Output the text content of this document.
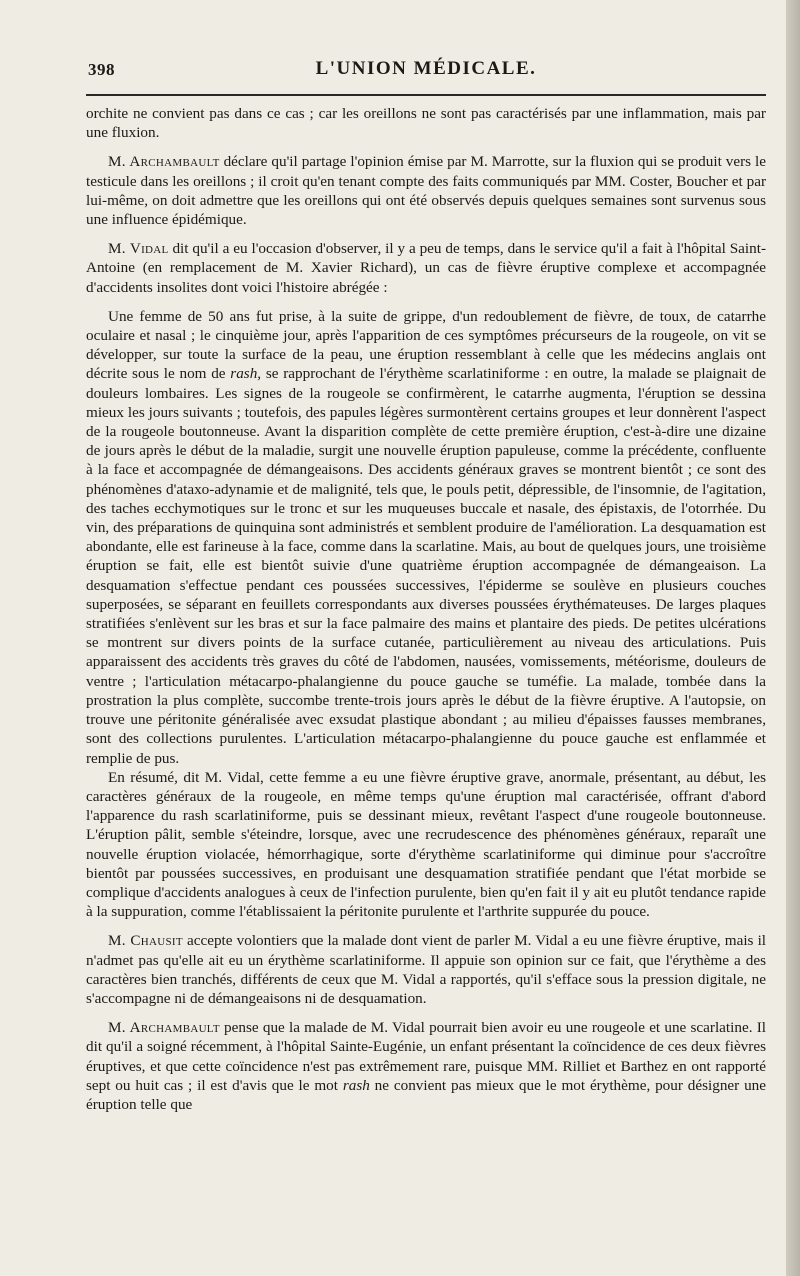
398	L'UNION MÉDICALE.

orchite ne convient pas dans ce cas ; car les oreillons ne sont pas caractérisés par une inflammation, mais par une fluxion.

M. Archambault déclare qu'il partage l'opinion émise par M. Marrotte, sur la fluxion qui se produit vers le testicule dans les oreillons ; il croit qu'en tenant compte des faits communiqués par MM. Coster, Boucher et par lui-même, on doit admettre que les oreillons qui ont été observés depuis quelques semaines sont survenus sous une influence épidémique.

M. Vidal dit qu'il a eu l'occasion d'observer, il y a peu de temps, dans le service qu'il a fait à l'hôpital Saint-Antoine (en remplacement de M. Xavier Richard), un cas de fièvre éruptive complexe et accompagnée d'accidents insolites dont voici l'histoire abrégée :

Une femme de 50 ans fut prise, à la suite de grippe, d'un redoublement de fièvre, de toux, de catarrhe oculaire et nasal ; le cinquième jour, après l'apparition de ces symptômes précurseurs de la rougeole, on vit se développer, sur toute la surface de la peau, une éruption ressemblant à celle que les médecins anglais ont décrite sous le nom de rash, se rapprochant de l'érythème scarlatiniforme : en outre, la malade se plaignait de douleurs lombaires. Les signes de la rougeole se confirmèrent, le catarrhe augmenta, l'éruption se dessina mieux les jours suivants ; toutefois, des papules légères surmontèrent certains groupes et leur donnèrent l'aspect de la rougeole boutonneuse. Avant la disparition complète de cette première éruption, c'est-à-dire une dizaine de jours après le début de la maladie, surgit une nouvelle éruption papuleuse, comme la précédente, confluente à la face et accompagnée de démangeaisons. Des accidents généraux graves se montrent bientôt ; ce sont des phénomènes d'ataxo-adynamie et de malignité, tels que, le pouls petit, dépressible, de l'insomnie, de l'agitation, des taches ecchymotiques sur le tronc et sur les muqueuses buccale et nasale, des épistaxis, de l'otorrhée. Du vin, des préparations de quinquina sont administrés et semblent produire de l'amélioration. La desquamation est abondante, elle est farineuse à la face, comme dans la scarlatine. Mais, au bout de quelques jours, une troisième éruption se fait, elle est bientôt suivie d'une quatrième éruption accompagnée de démangeaison. La desquamation s'effectue pendant ces poussées successives, l'épiderme se soulève en plusieurs couches superposées, se séparant en feuillets correspondants aux diverses poussées érythémateuses. De larges plaques stratifiées s'enlèvent sur les bras et sur la face palmaire des mains et plantaire des pieds. De petites ulcérations se montrent sur divers points de la surface cutanée, particulièrement au niveau des articulations. Puis apparaissent des accidents très graves du côté de l'abdomen, nausées, vomissements, météorisme, douleurs de ventre ; l'articulation métacarpo-phalangienne du pouce gauche se tuméfie. La malade, tombée dans la prostration la plus complète, succombe trente-trois jours après le début de la fièvre éruptive. A l'autopsie, on trouve une péritonite généralisée avec exsudat plastique abondant ; au milieu d'épaisses fausses membranes, sont des collections purulentes. L'articulation métacarpo-phalangienne du pouce gauche est enflammée et remplie de pus.

En résumé, dit M. Vidal, cette femme a eu une fièvre éruptive grave, anormale, présentant, au début, les caractères généraux de la rougeole, en même temps qu'une éruption mal caractérisée, offrant d'abord l'apparence du rash scarlatiniforme, puis se dessinant mieux, revêtant l'aspect d'une rougeole boutonneuse. L'éruption pâlit, semble s'éteindre, lorsque, avec une recrudescence des phénomènes généraux, reparaît une nouvelle éruption violacée, hémorrhagique, sorte d'érythème scarlatiniforme qui diminue pour s'accroître bientôt par poussées successives, en produisant une desquamation stratifiée pendant que l'état morbide se complique d'accidents analogues à ceux de l'infection purulente, bien qu'en fait il y ait eu plutôt tendance rapide à la suppuration, comme l'établissaient la péritonite purulente et l'arthrite suppurée du pouce.

M. Chausit accepte volontiers que la malade dont vient de parler M. Vidal a eu une fièvre éruptive, mais il n'admet pas qu'elle ait eu un érythème scarlatiniforme. Il appuie son opinion sur ce fait, que l'érythème a des caractères bien tranchés, différents de ceux que M. Vidal a rapportés, qu'il s'efface sous la pression digitale, ne s'accompagne ni de démangeaisons ni de desquamation.

M. Archambault pense que la malade de M. Vidal pourrait bien avoir eu une rougeole et une scarlatine. Il dit qu'il a soigné récemment, à l'hôpital Sainte-Eugénie, un enfant présentant la coïncidence de ces deux fièvres éruptives, et que cette coïncidence n'est pas extrêmement rare, puisque MM. Rilliet et Barthez en ont rapporté sept ou huit cas ; il est d'avis que le mot rash ne convient pas mieux que le mot érythème, pour désigner une éruption telle que
